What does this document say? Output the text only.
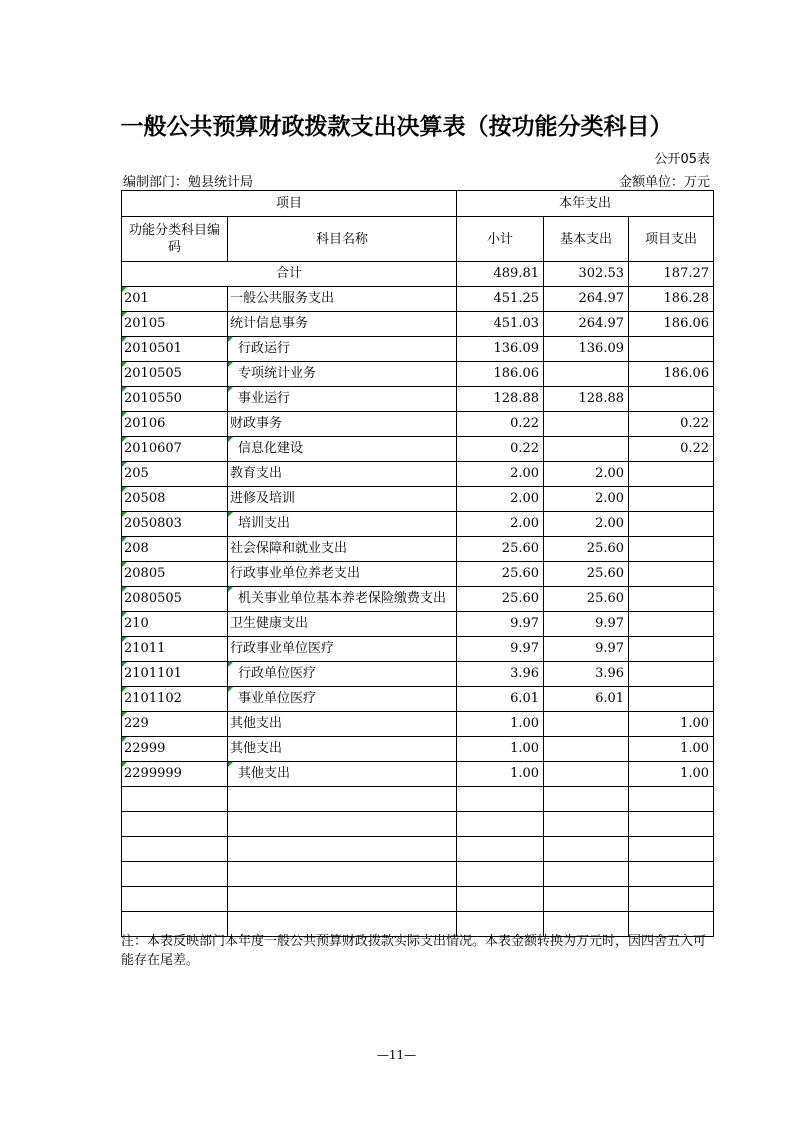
一般公共预算财政拨款支出决算表（按功能分类科目）
公开05表
编制部门：勉县统计局	金额单位：万元
项目		本年支出		
功能分类科目编码	科目名称	小计	基本支出	项目支出
合计		489.81	302.53	187.27

201	一般公共服务支出	451.25	264.97	186.28

20105	统计信息事务	451.03	264.97	186.06

2010501	行政运行	136.09	136.09	

2010505	专项统计业务	186.06		186.06

2010550	事业运行	128.88	128.88	

20106	财政事务	0.22		0.22

2010607	信息化建设	0.22		0.22

205	教育支出	2.00	2.00	

20508	进修及培训	2.00	2.00	

2050803	培训支出	2.00	2.00	

208	社会保障和就业支出	25.60	25.60	

20805	行政事业单位养老支出	25.60	25.60	

2080505	机关事业单位基本养老保险缴费支出	25.60	25.60	

210	卫生健康支出	9.97	9.97	

21011	行政事业单位医疗	9.97	9.97	

2101101	行政单位医疗	3.96	3.96	

2101102	事业单位医疗	6.01	6.01	

229	其他支出	1.00		1.00

22999	其他支出	1.00		1.00

2299999	其他支出	1.00		1.00

注：本表反映部门本年度一般公共预算财政拨款实际支出情况。本表金额转换为万元时，因四舍五入可能存在尾差。
—11—
